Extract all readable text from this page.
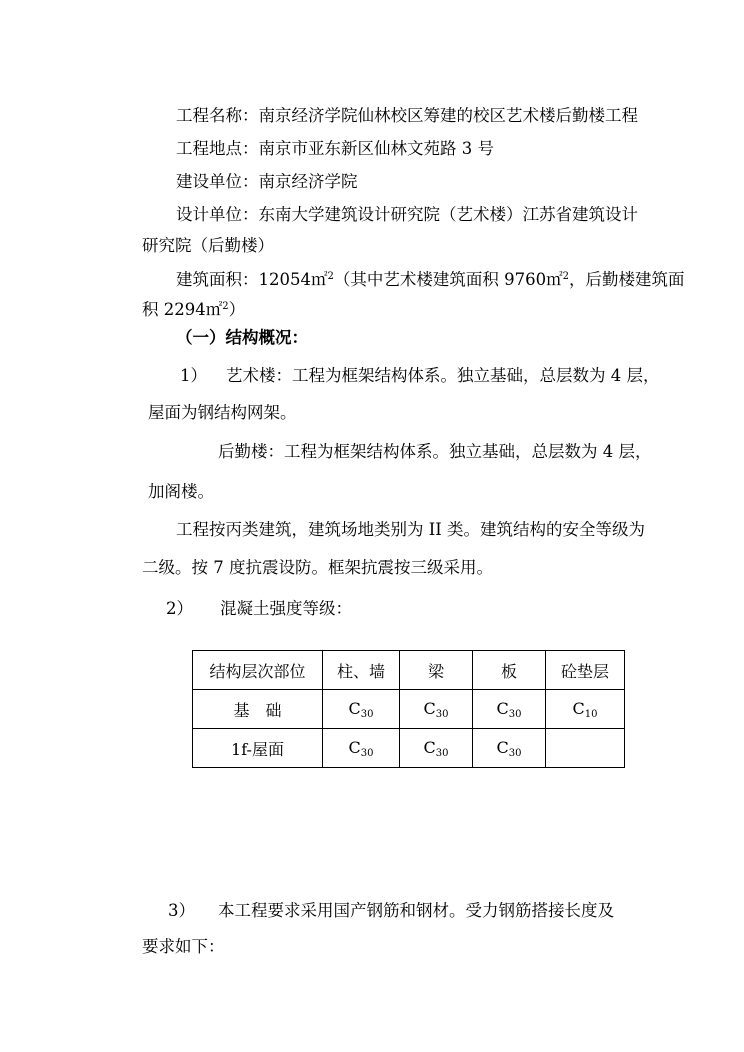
工程名称：南京经济学院仙林校区筹建的校区艺术楼后勤楼工程
工程地点：南京市亚东新区仙林文苑路 3 号
建设单位：南京经济学院
设计单位：东南大学建筑设计研究院（艺术楼）江苏省建筑设计
研究院（后勤楼）
建筑面积：12054㎡$^2$（其中艺术楼建筑面积 9760㎡$^2$，后勤楼建筑面
积 2294㎡$^2$）
（一）结构概况：
1） 艺术楼：工程为框架结构体系。独立基础，总层数为 4 层，
屋面为钢结构网架。
后勤楼：工程为框架结构体系。独立基础，总层数为 4 层，
加阁楼。
工程按丙类建筑，建筑场地类别为 II 类。建筑结构的安全等级为
二级。按 7 度抗震设防。框架抗震按三级采用。
2） 混凝土强度等级：
结构层次部位	柱、墙	梁	板	砼垫层
基　础	$C_{30}$	$C_{30}$	$C_{30}$	$C_{10}$
1f-屋面	$C_{30}$	$C_{30}$	$C_{30}$	
3） 本工程要求采用国产钢筋和钢材。受力钢筋搭接长度及
要求如下：
